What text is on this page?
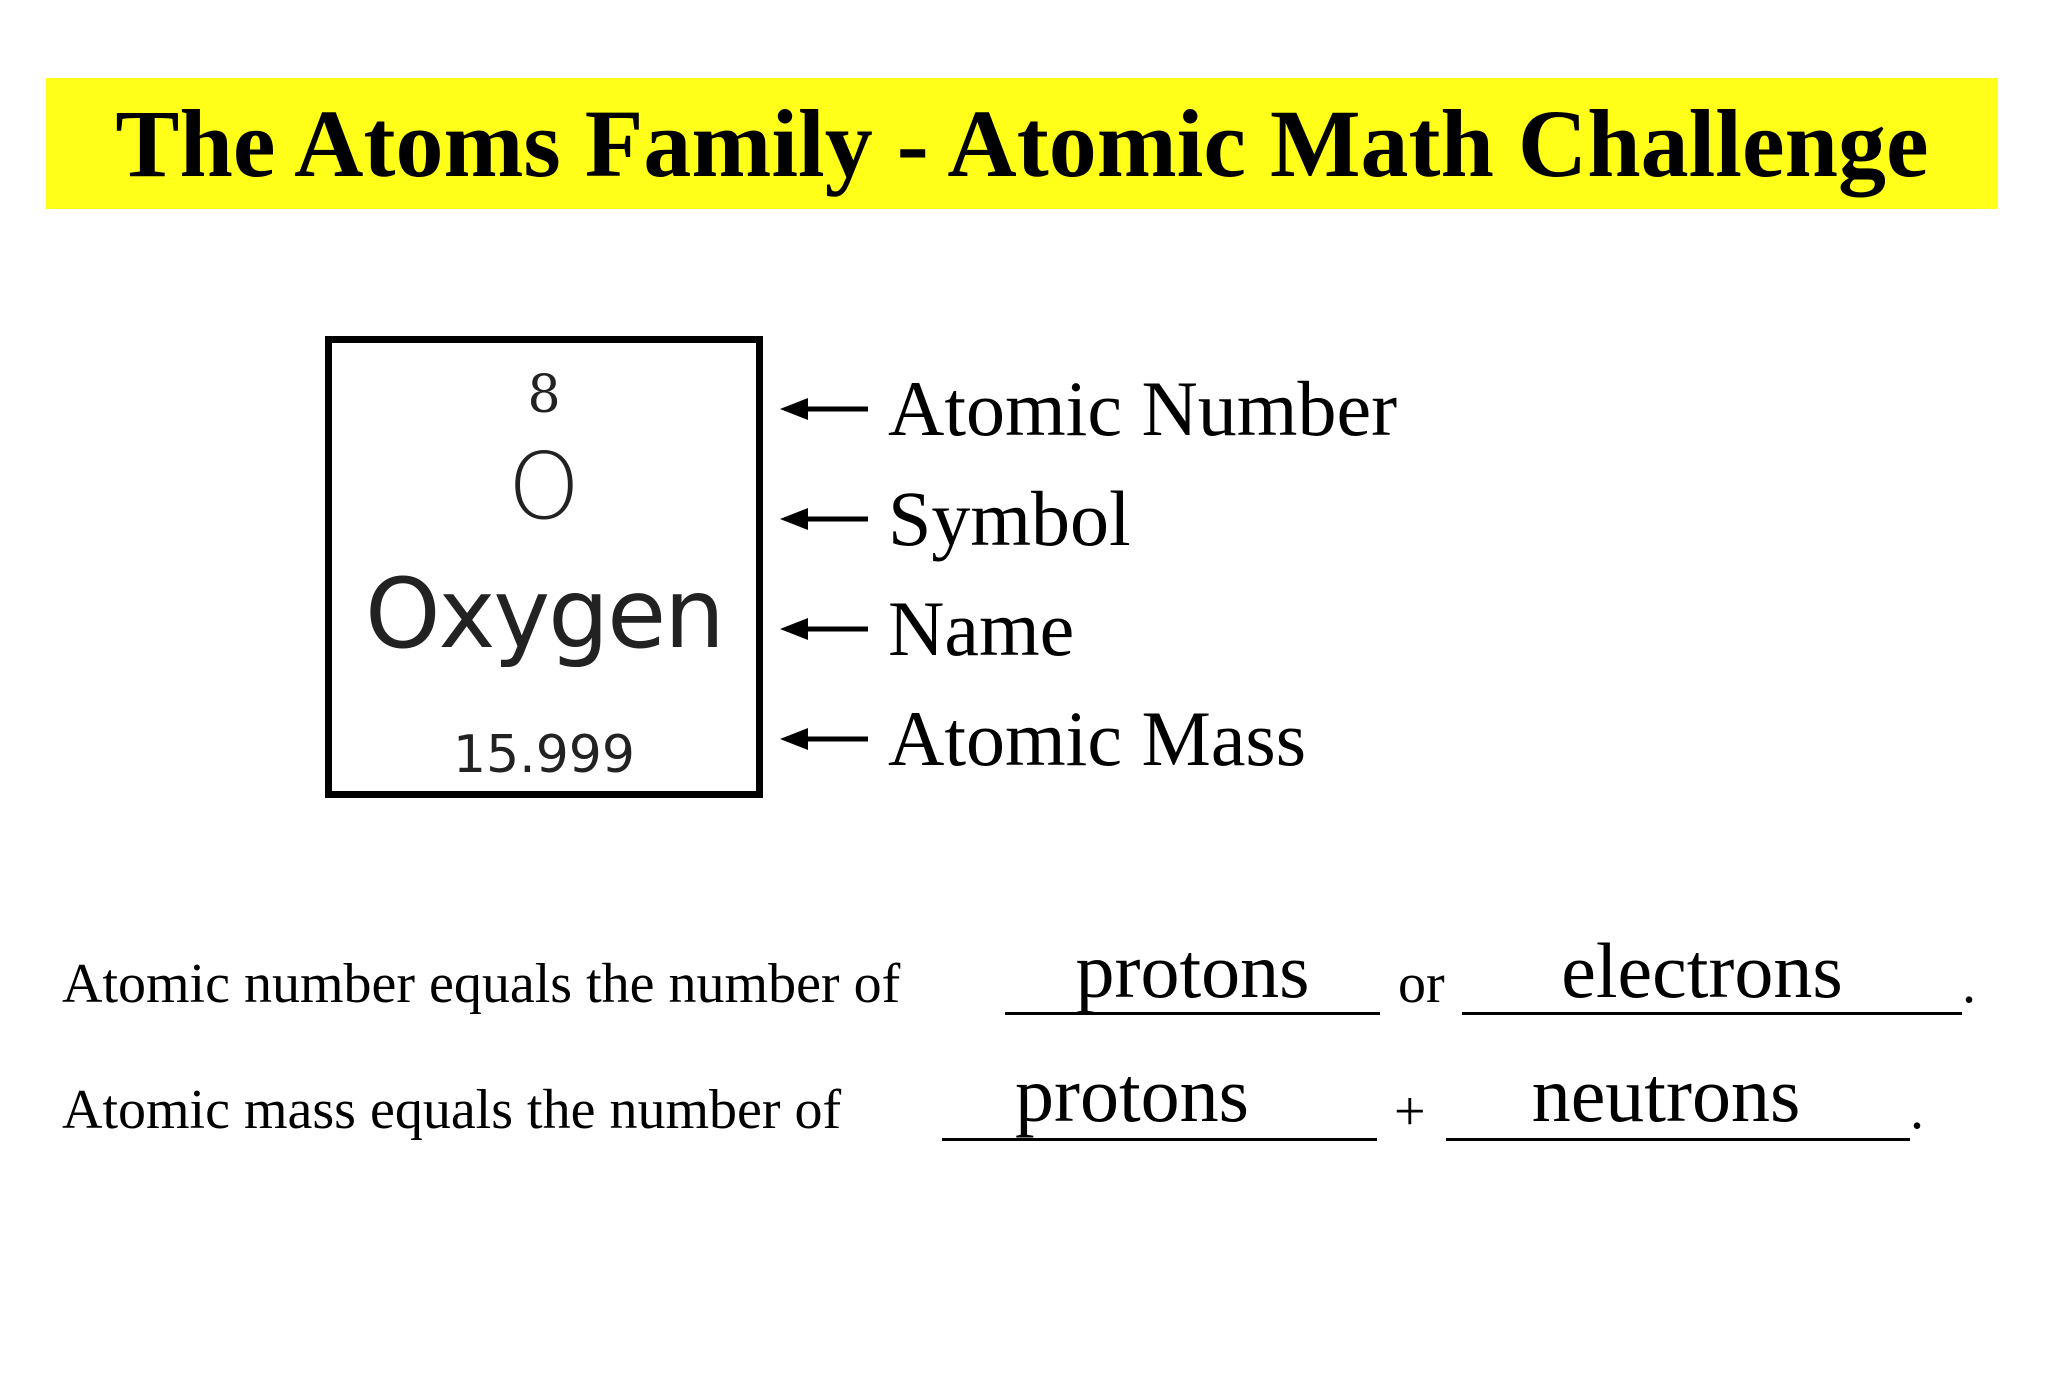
The Atoms Family - Atomic Math Challenge
8
O
Oxygen
15.999
Atomic Number
Symbol
Name
Atomic Mass
Atomic number equals the number of	protons	or	electrons	.
Atomic mass equals the number of	protons	+	neutrons	.
